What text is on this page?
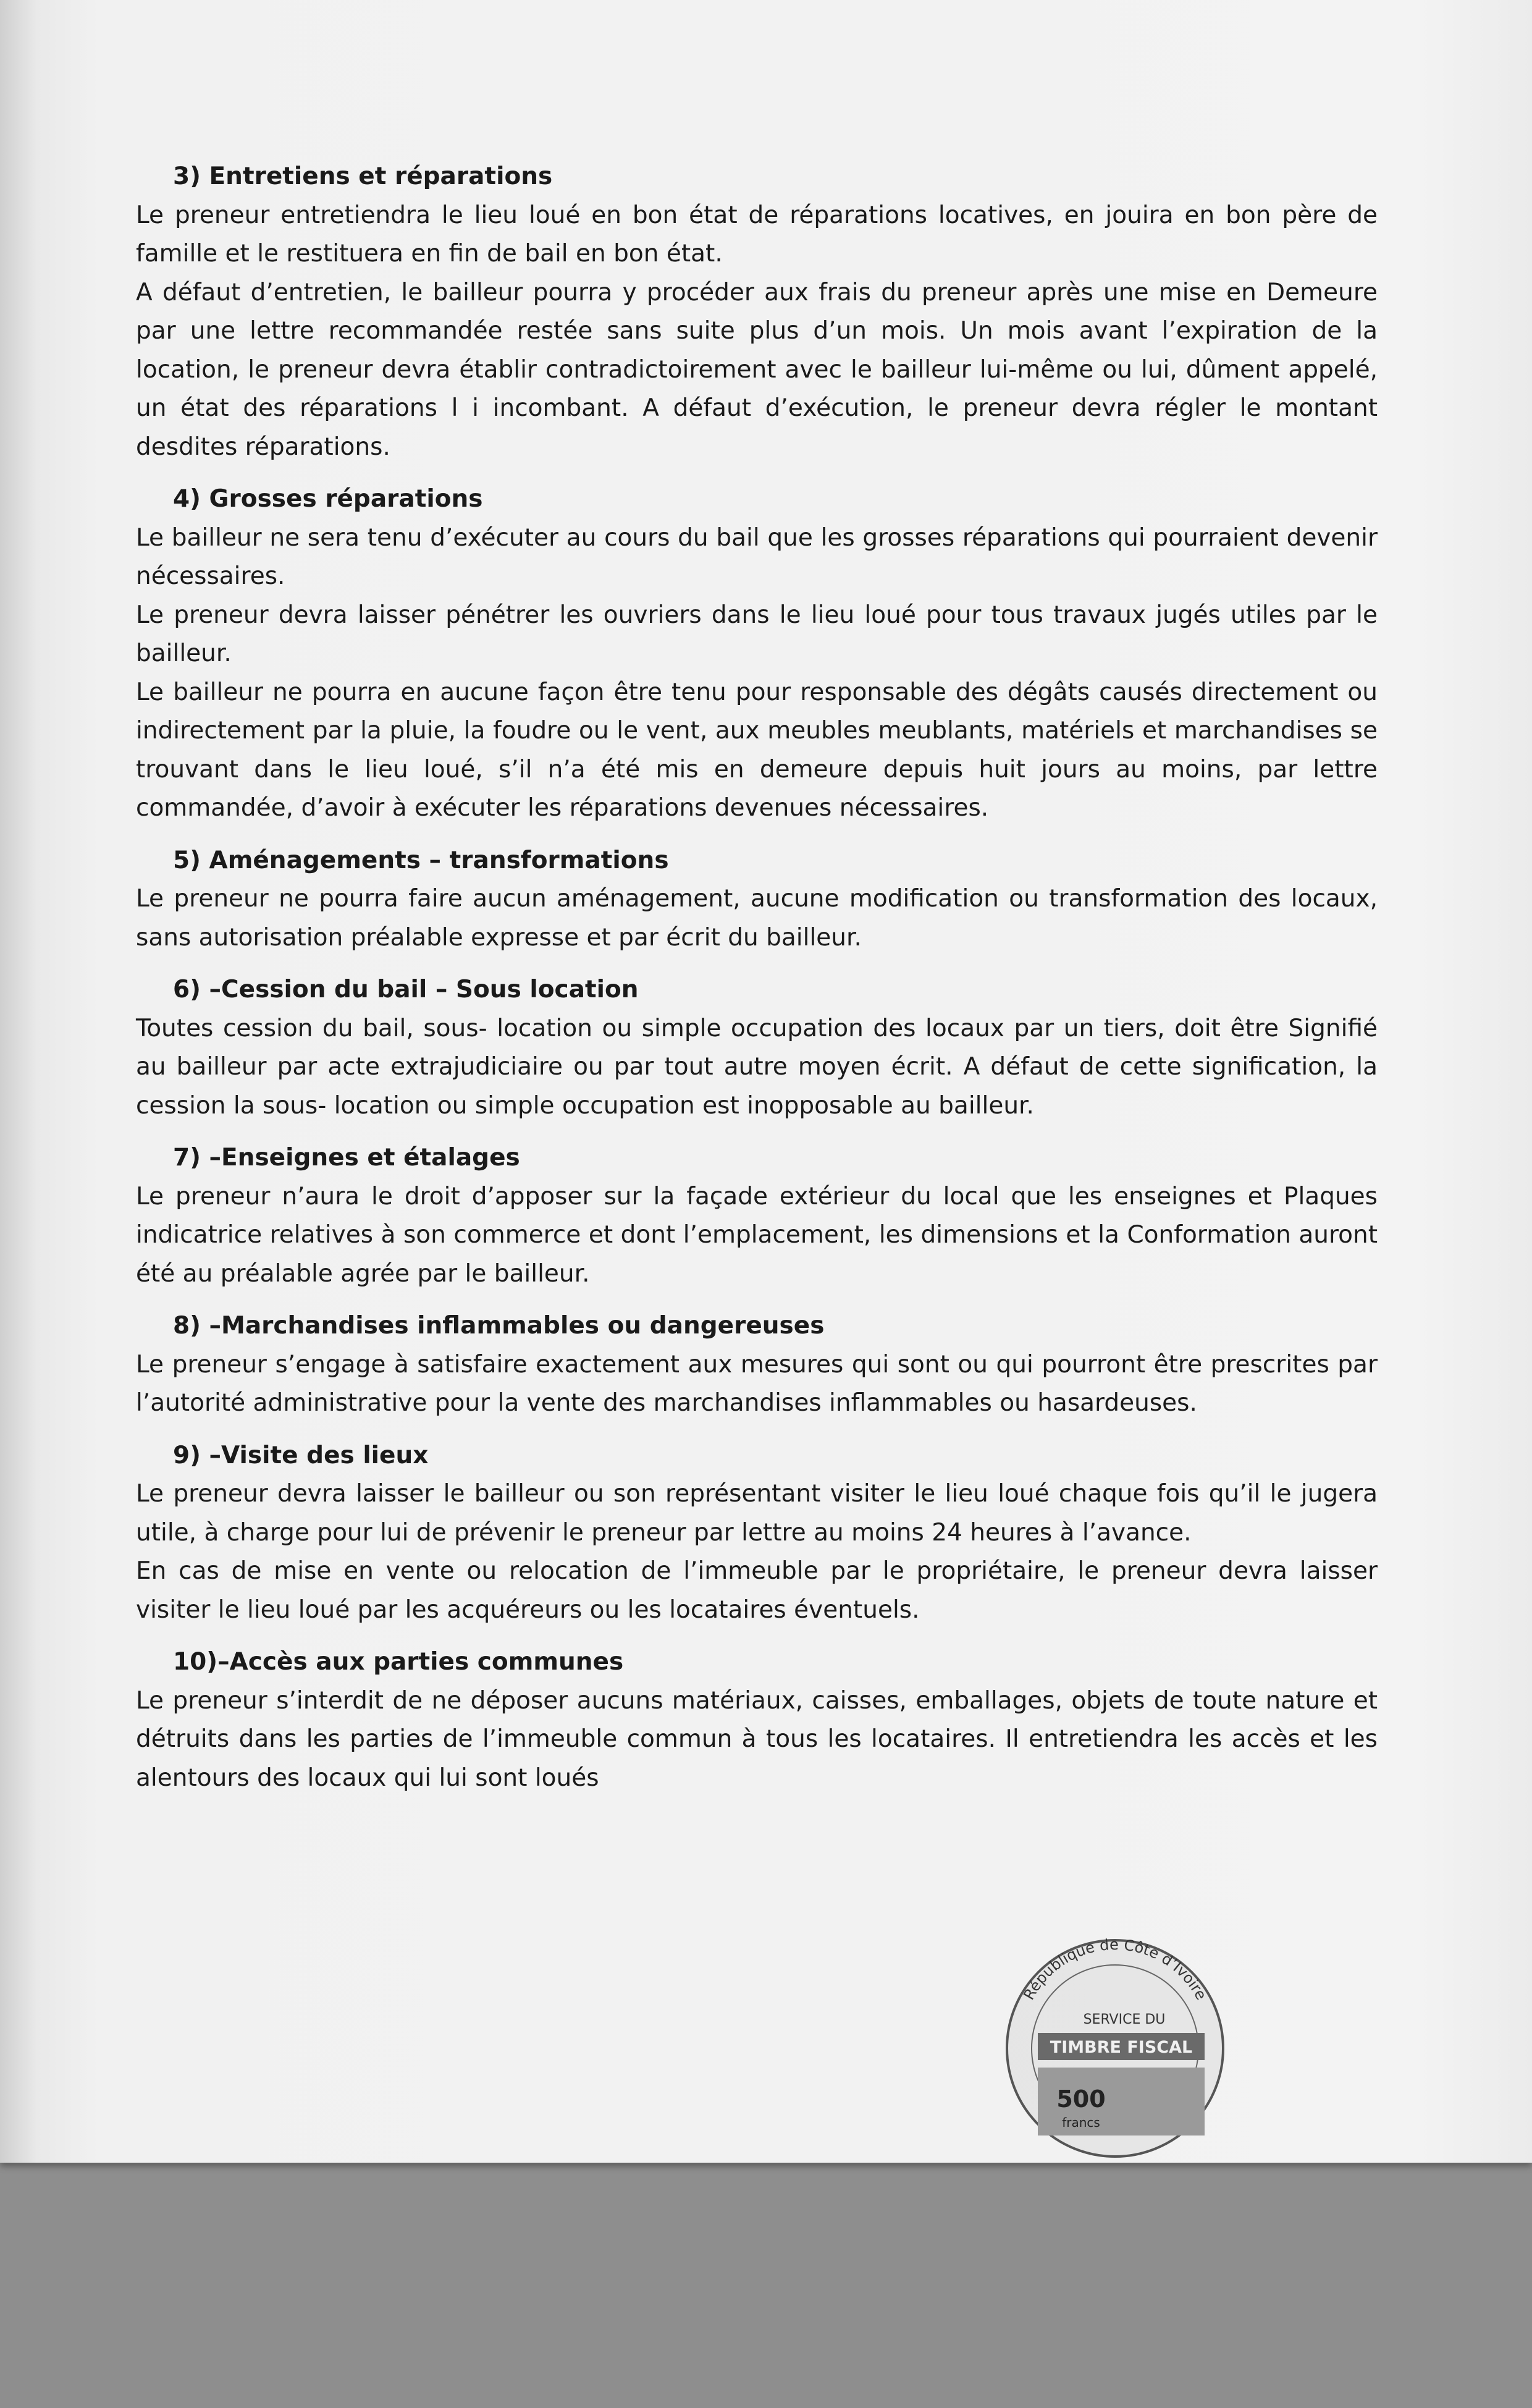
3) Entretiens et réparations

Le preneur entretiendra le lieu loué en bon état de réparations locatives, en jouira en bon père de famille et le restituera en fin de bail en bon état.

A défaut d’entretien, le bailleur pourra y procéder aux frais du preneur après une mise en Demeure par une lettre recommandée restée sans suite plus d’un mois. Un mois avant l’expiration de la location, le preneur devra établir contradictoirement avec le bailleur lui-même ou lui, dûment appelé, un état des réparations l i incombant. A défaut d’exécution, le preneur devra régler le montant desdites réparations.

4) Grosses réparations

Le bailleur ne sera tenu d’exécuter au cours du bail que les grosses réparations qui pourraient devenir nécessaires.

Le preneur devra laisser pénétrer les ouvriers dans le lieu loué pour tous travaux jugés utiles par le bailleur.

Le bailleur ne pourra en aucune façon être tenu pour responsable des dégâts causés directement ou indirectement par la pluie, la foudre ou le vent, aux meubles meublants, matériels et marchandises se trouvant dans le lieu loué, s’il n’a été mis en demeure depuis huit jours au moins, par lettre commandée, d’avoir à exécuter les réparations devenues nécessaires.

5) Aménagements – transformations

Le preneur ne pourra faire aucun aménagement, aucune modification ou transformation des locaux, sans autorisation préalable expresse et par écrit du bailleur.

6) –Cession du bail – Sous location

Toutes cession du bail, sous- location ou simple occupation des locaux par un tiers, doit être Signifié au bailleur par acte extrajudiciaire ou par tout autre moyen écrit. A défaut de cette signification, la cession la sous- location ou simple occupation est inopposable au bailleur.

7) –Enseignes et étalages

Le preneur n’aura le droit d’apposer sur la façade extérieur du local que les enseignes et Plaques indicatrice relatives à son commerce et dont l’emplacement, les dimensions et la Conformation auront été au préalable agrée par le bailleur.

8) –Marchandises inflammables ou dangereuses

Le preneur s’engage à satisfaire exactement aux mesures qui sont ou qui pourront être prescrites par l’autorité administrative pour la vente des marchandises inflammables ou hasardeuses.

9) –Visite des lieux

Le preneur devra laisser le bailleur ou son représentant visiter le lieu loué chaque fois qu’il le jugera utile, à charge pour lui de prévenir le preneur par lettre au moins 24 heures à l’avance.

En cas de mise en vente ou relocation de l’immeuble par le propriétaire, le preneur devra laisser visiter le lieu loué par les acquéreurs ou les locataires éventuels.

10)–Accès aux parties communes

Le preneur s’interdit de ne déposer aucuns matériaux, caisses, emballages, objets de toute nature et détruits dans les parties de l’immeuble commun à tous les locataires. Il entretiendra les accès et les alentours des locaux qui lui sont loués

République de Côte d’Ivoire
SERVICE DU
TIMBRE FISCAL
500
francs
